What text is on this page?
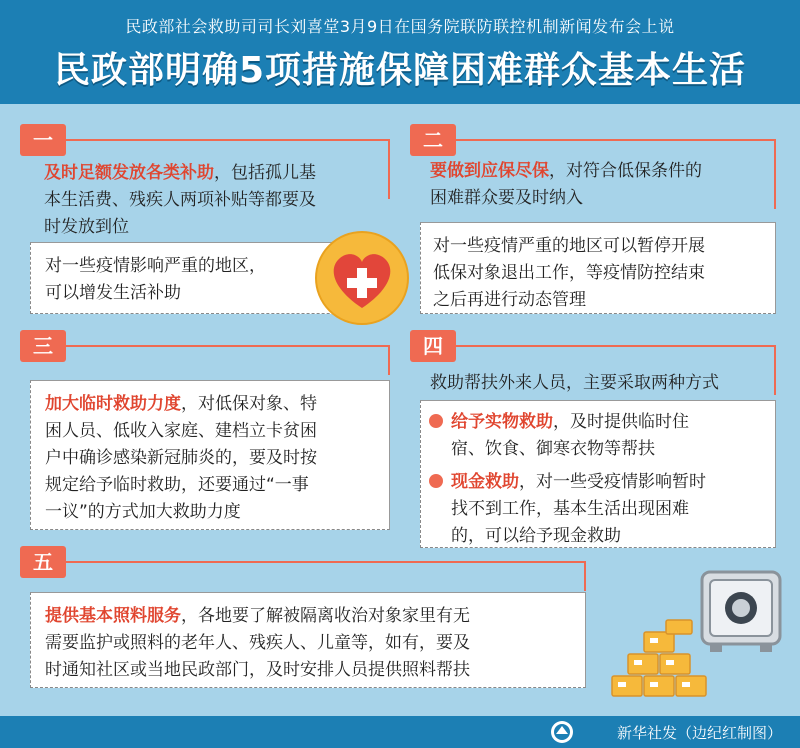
民政部社会救助司司长刘喜堂3月9日在国务院联防联控机制新闻发布会上说
民政部明确5项措施保障困难群众基本生活
一
及时足额发放各类补助，包括孤儿基
本生活费、残疾人两项补贴等都要及
时发放到位
对一些疫情影响严重的地区，
可以增发生活补助
二
要做到应保尽保，对符合低保条件的
困难群众要及时纳入
对一些疫情严重的地区可以暂停开展
低保对象退出工作，等疫情防控结束
之后再进行动态管理
三
加大临时救助力度，对低保对象、特
困人员、低收入家庭、建档立卡贫困
户中确诊感染新冠肺炎的，要及时按
规定给予临时救助，还要通过“一事
一议”的方式加大救助力度
四
救助帮扶外来人员，主要采取两种方式
给予实物救助，及时提供临时住
宿、饮食、御寒衣物等帮扶
现金救助，对一些受疫情影响暂时
找不到工作，基本生活出现困难
的，可以给予现金救助
五
提供基本照料服务，各地要了解被隔离收治对象家里有无
需要监护或照料的老年人、残疾人、儿童等，如有，要及
时通知社区或当地民政部门，及时安排人员提供照料帮扶
新华社发（边纪红制图）
